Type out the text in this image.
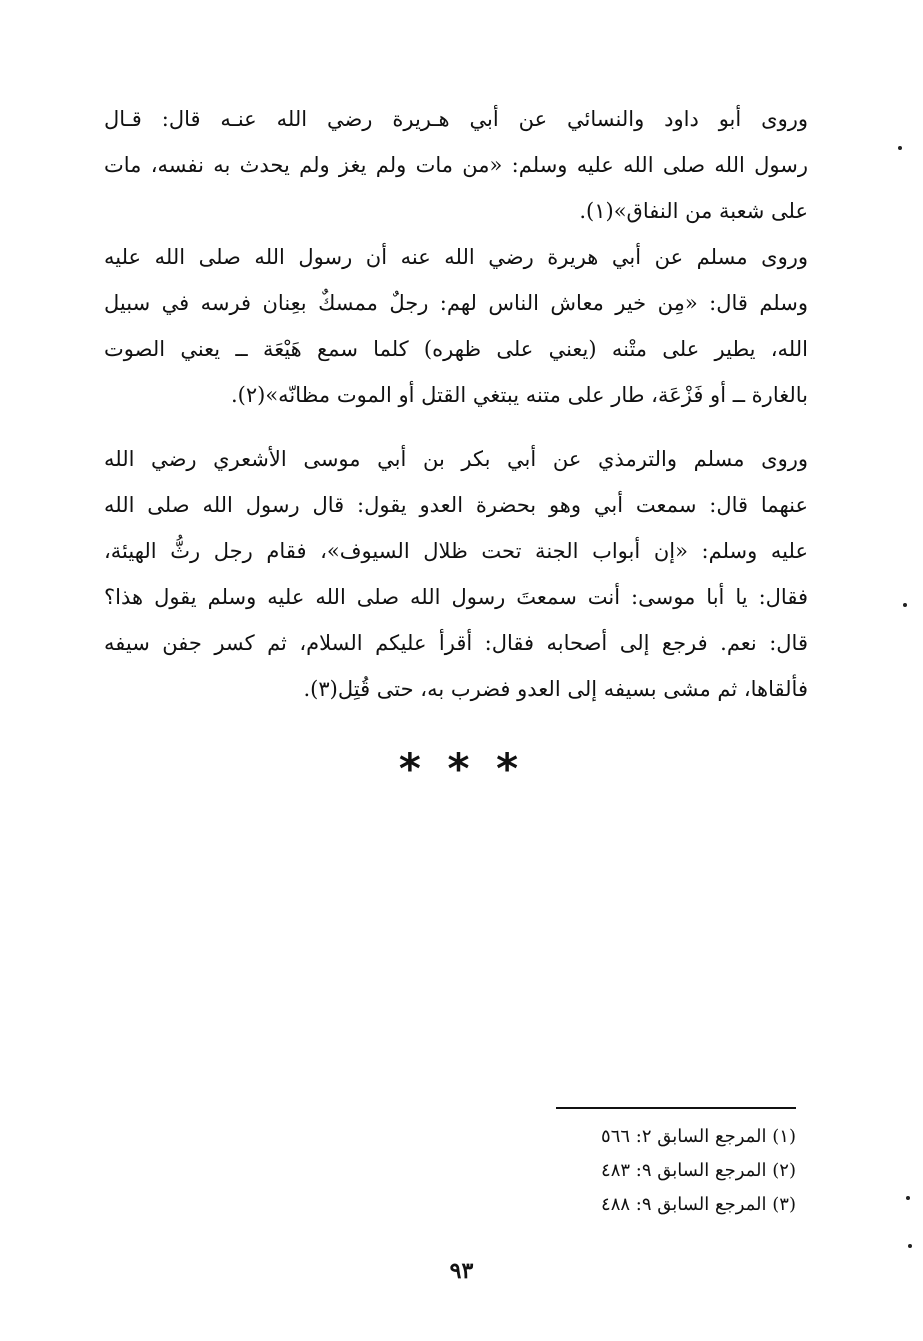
وروى أبو داود والنسائي عن أبي هـريرة رضي الله عنـه قال: قـال
رسول الله صلى الله عليه وسلم: «من مات ولم يغز ولم يحدث به نفسه، مات
على شعبة من النفاق»(١).
وروى مسلم عن أبي هريرة رضي الله عنه أن رسول الله صلى الله عليه
وسلم قال: «مِن خير معاش الناس لهم: رجلٌ ممسكٌ بعِنان فرسه في سبيل
الله، يطير على متْنه (يعني على ظهره) كلما سمع هَيْعَة ــ يعني الصوت
بالغارة ــ أو فَزْعَة، طار على متنه يبتغي القتل أو الموت مظانّه»(٢).
وروى مسلم والترمذي عن أبي بكر بن أبي موسى الأشعري رضي الله
عنهما قال: سمعت أبي وهو بحضرة العدو يقول: قال رسول الله صلى الله
عليه وسلم: «إن أبواب الجنة تحت ظلال السيوف»، فقام رجل رثُّ الهيئة،
فقال: يا أبا موسى: أنت سمعتَ رسول الله صلى الله عليه وسلم يقول هذا؟
قال: نعم. فرجع إلى أصحابه فقال: أقرأ عليكم السلام، ثم كسر جفن سيفه
فألقاها، ثم مشى بسيفه إلى العدو فضرب به، حتى قُتِل(٣).
* * *
(١) المرجع السابق ٢: ٥٦٦
(٢) المرجع السابق ٩: ٤٨٣
(٣) المرجع السابق ٩: ٤٨٨
٩٣
